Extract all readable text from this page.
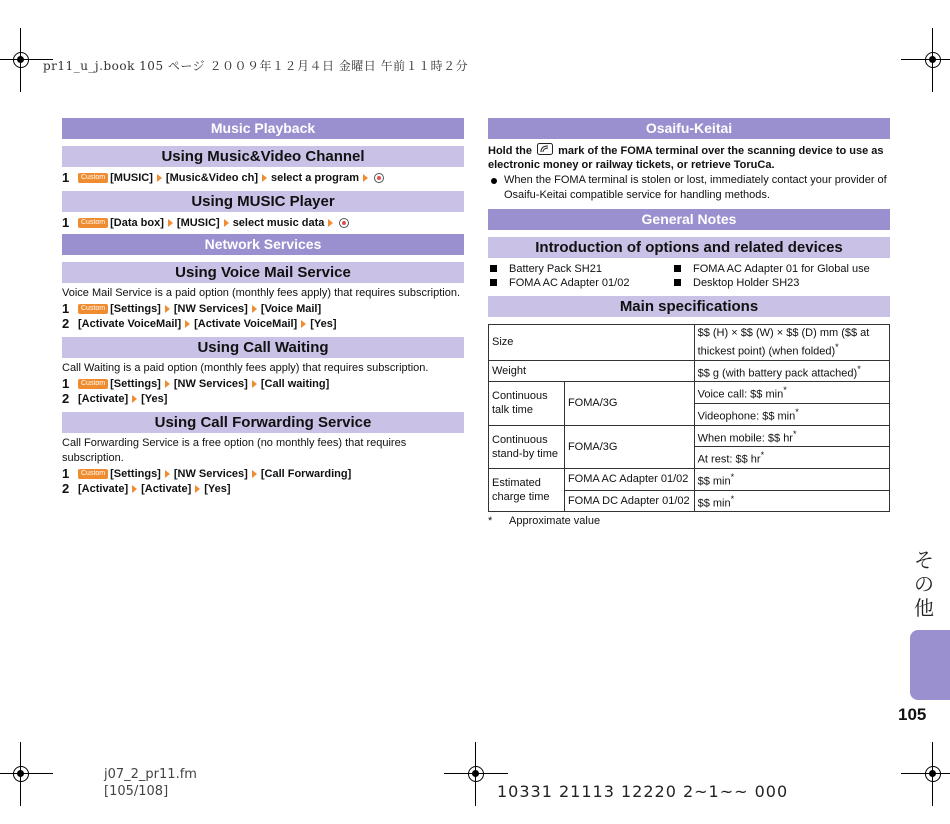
pr11_u_j.book 105 ページ ２００９年１２月４日 金曜日 午前１１時２分
Music Playback
Using Music&Video Channel
1	Custom [MUSIC] [Music&Video ch] select a program
Using MUSIC Player
1	Custom [Data box] [MUSIC] select music data
Network Services
Using Voice Mail Service
Voice Mail Service is a paid option (monthly fees apply) that requires subscription.
1	Custom [Settings] [NW Services] [Voice Mail]
2 [Activate VoiceMail] [Activate VoiceMail] [Yes]
Using Call Waiting
Call Waiting is a paid option (monthly fees apply) that requires subscription.
1	Custom [Settings] [NW Services] [Call waiting]
2 [Activate] [Yes]
Using Call Forwarding Service
Call Forwarding Service is a free option (no monthly fees) that requires subscription.
1	Custom [Settings] [NW Services] [Call Forwarding]
2 [Activate] [Activate] [Yes]
Osaifu-Keitai
Hold the mark of the FOMA terminal over the scanning device to use as electronic money or railway tickets, or retrieve ToruCa.
When the FOMA terminal is stolen or lost, immediately contact your provider of Osaifu-Keitai compatible service for handling methods.
General Notes
Introduction of options and related devices
Battery Pack SH21	FOMA AC Adapter 01 for Global use
FOMA AC Adapter 01/02	Desktop Holder SH23
Main specifications
Size		$$ (H) × $$ (W) × $$ (D) mm ($$ at thickest point) (when folded)*
Weight		$$ g (with battery pack attached)*
Continuous talk time	FOMA/3G	Voice call: $$ min*
		Videophone: $$ min*
Continuous stand-by time	FOMA/3G	When mobile: $$ hr*
		At rest: $$ hr*
Estimated charge time	FOMA AC Adapter 01/02	$$ min*
	FOMA DC Adapter 01/02	$$ min*
* Approximate value
その他
105
j07_2_pr11.fm
[105/108]	10331 21113 12220 2~1~~ 000
